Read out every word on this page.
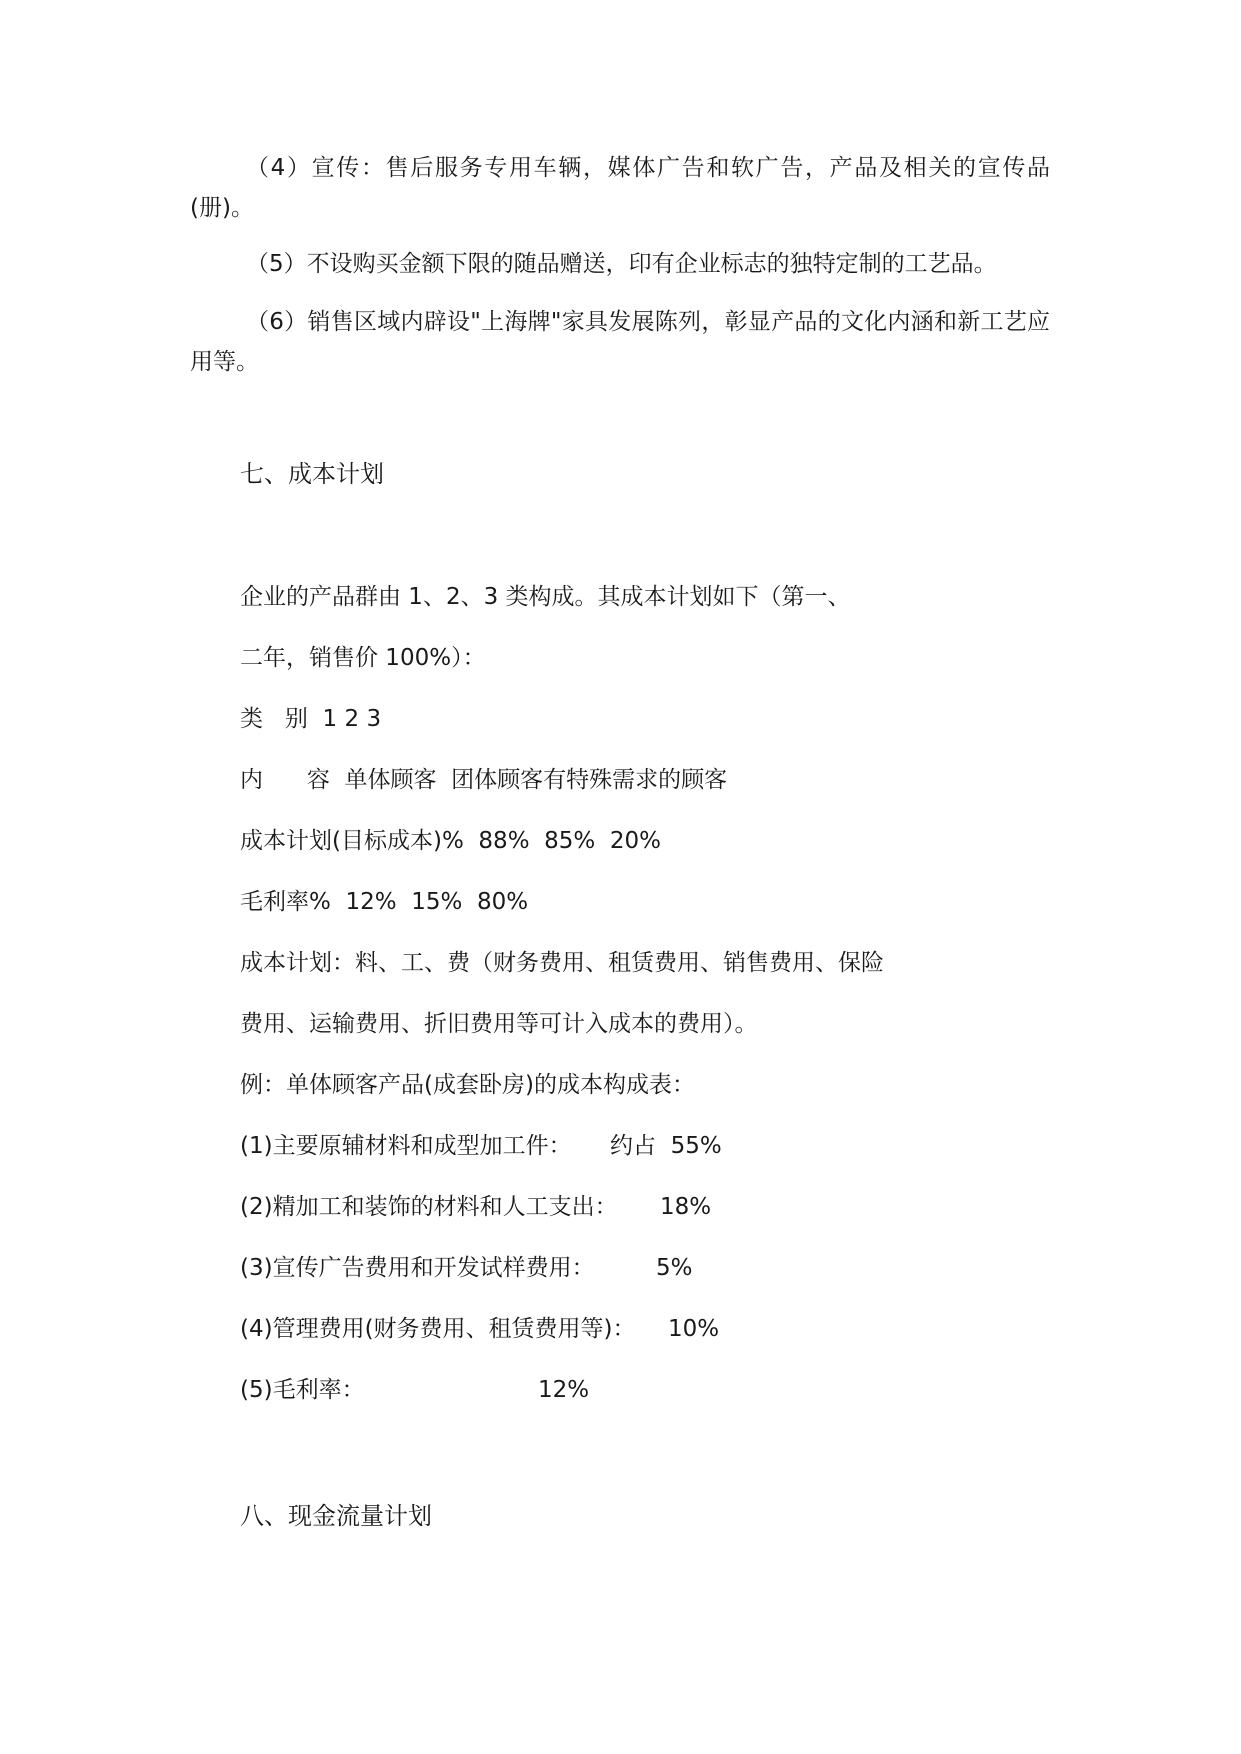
（4）宣传：售后服务专用车辆，媒体广告和软广告，产品及相关的宣传品(册)。
（5）不设购买金额下限的随品赠送，印有企业标志的独特定制的工艺品。
（6）销售区域内辟设"上海牌"家具发展陈列，彰显产品的文化内涵和新工艺应用等。
七、成本计划
企业的产品群由 1、2、3 类构成。其成本计划如下（第一、
二年，销售价 100%）：
类   别  1 2 3
内      容  单体顾客  团体顾客有特殊需求的顾客
成本计划(目标成本)%  88%  85%  20%
毛利率%  12%  15%  80%
成本计划：料、工、费（财务费用、租赁费用、销售费用、保险
费用、运输费用、折旧费用等可计入成本的费用）。
例：单体顾客产品(成套卧房)的成本构成表：
(1)主要原辅材料和成型加工件： 约占  55%
(2)精加工和装饰的材料和人工支出： 18%
(3)宣传广告费用和开发试样费用：	5%
(4)管理费用(财务费用、租赁费用等)： 10%
(5)毛利率：	12%
八、现金流量计划
